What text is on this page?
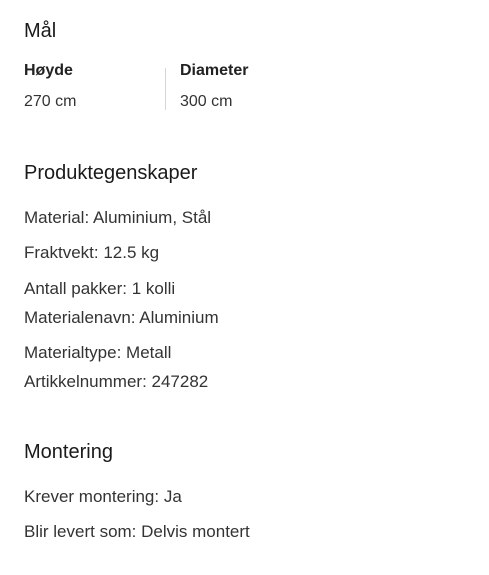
Mål
Høyde
270 cm
Diameter
300 cm
Produktegenskaper
Material: Aluminium, Stål
Fraktvekt: 12.5 kg
Antall pakker: 1 kolli
Materialenavn: Aluminium
Materialtype: Metall
Artikkelnummer: 247282
Montering
Krever montering: Ja
Blir levert som: Delvis montert
